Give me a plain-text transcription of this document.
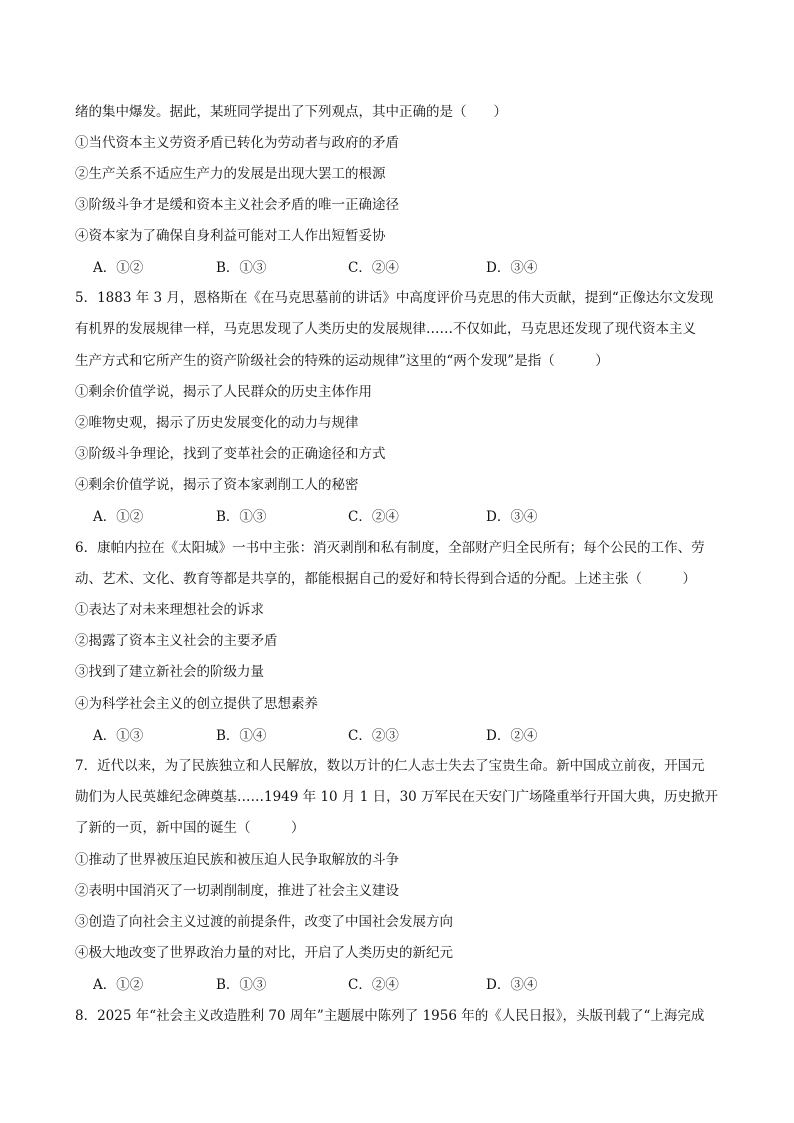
绪的集中爆发。据此，某班同学提出了下列观点，其中正确的是（　　）
①当代资本主义劳资矛盾已转化为劳动者与政府的矛盾
②生产关系不适应生产力的发展是出现大罢工的根源
③阶级斗争才是缓和资本主义社会矛盾的唯一正确途径
④资本家为了确保自身利益可能对工人作出短暂妥协
A．①②	B．①③	C．②④	D．③④
5．1883 年 3 月，恩格斯在《在马克思墓前的讲话》中高度评价马克思的伟大贡献，提到“正像达尔文发现
有机界的发展规律一样，马克思发现了人类历史的发展规律……不仅如此，马克思还发现了现代资本主义
生产方式和它所产生的资产阶级社会的特殊的运动规律”这里的“两个发现”是指（　　　）
①剩余价值学说，揭示了人民群众的历史主体作用
②唯物史观，揭示了历史发展变化的动力与规律
③阶级斗争理论，找到了变革社会的正确途径和方式
④剩余价值学说，揭示了资本家剥削工人的秘密
A．①②	B．①③	C．②④	D．③④
6．康帕内拉在《太阳城》一书中主张：消灭剥削和私有制度，全部财产归全民所有；每个公民的工作、劳
动、艺术、文化、教育等都是共享的，都能根据自己的爱好和特长得到合适的分配。上述主张（　　　）
①表达了对未来理想社会的诉求
②揭露了资本主义社会的主要矛盾
③找到了建立新社会的阶级力量
④为科学社会主义的创立提供了思想素养
A．①③	B．①④	C．②③	D．②④
7．近代以来，为了民族独立和人民解放，数以万计的仁人志士失去了宝贵生命。新中国成立前夜，开国元
勋们为人民英雄纪念碑奠基……1949 年 10 月 1 日，30 万军民在天安门广场隆重举行开国大典，历史掀开
了新的一页，新中国的诞生（　　　）
①推动了世界被压迫民族和被压迫人民争取解放的斗争
②表明中国消灭了一切剥削制度，推进了社会主义建设
③创造了向社会主义过渡的前提条件，改变了中国社会发展方向
④极大地改变了世界政治力量的对比，开启了人类历史的新纪元
A．①②	B．①③	C．②④	D．③④
8．2025 年“社会主义改造胜利 70 周年”主题展中陈列了 1956 年的《人民日报》，头版刊载了“上海完成
